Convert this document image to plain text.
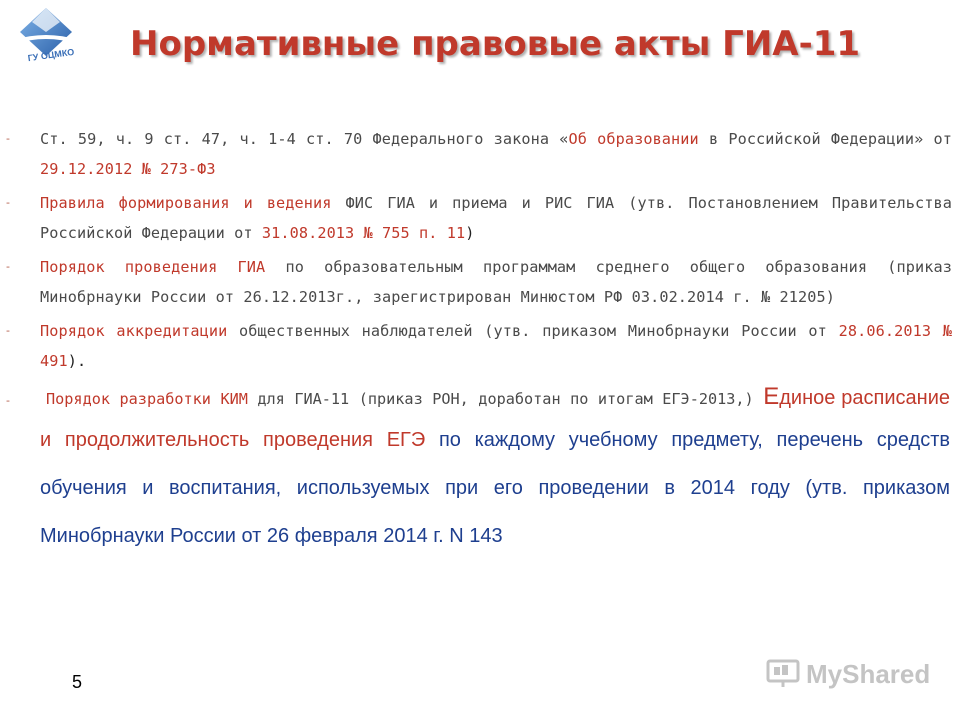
ГУ ОЦМКО	Нормативные правовые акты ГИА-11
- Ст. 59, ч. 9 ст. 47, ч. 1-4 ст. 70 Федерального закона «Об образовании в Российской Федерации» от 29.12.2012 № 273-ФЗ
- Правила формирования и ведения ФИС ГИА и приема и РИС ГИА (утв. Постановлением Правительства Российской Федерации от 31.08.2013 № 755 п. 11)
- Порядок проведения ГИА по образовательным программам среднего общего образования (приказ Минобрнауки России от 26.12.2013г., зарегистрирован Минюстом РФ 03.02.2014 г. № 21205)
- Порядок аккредитации общественных наблюдателей (утв. приказом Минобрнауки России от 28.06.2013 № 491).
-	Порядок разработки КИМ для ГИА-11 (приказ РОН, доработан по итогам ЕГЭ-2013,) Единое расписание и продолжительность проведения ЕГЭ по каждому учебному предмету, перечень средств обучения и воспитания, используемых при его проведении в 2014 году (утв. приказом Минобрнауки России от 26 февраля 2014 г. N 143
5	MyShared
